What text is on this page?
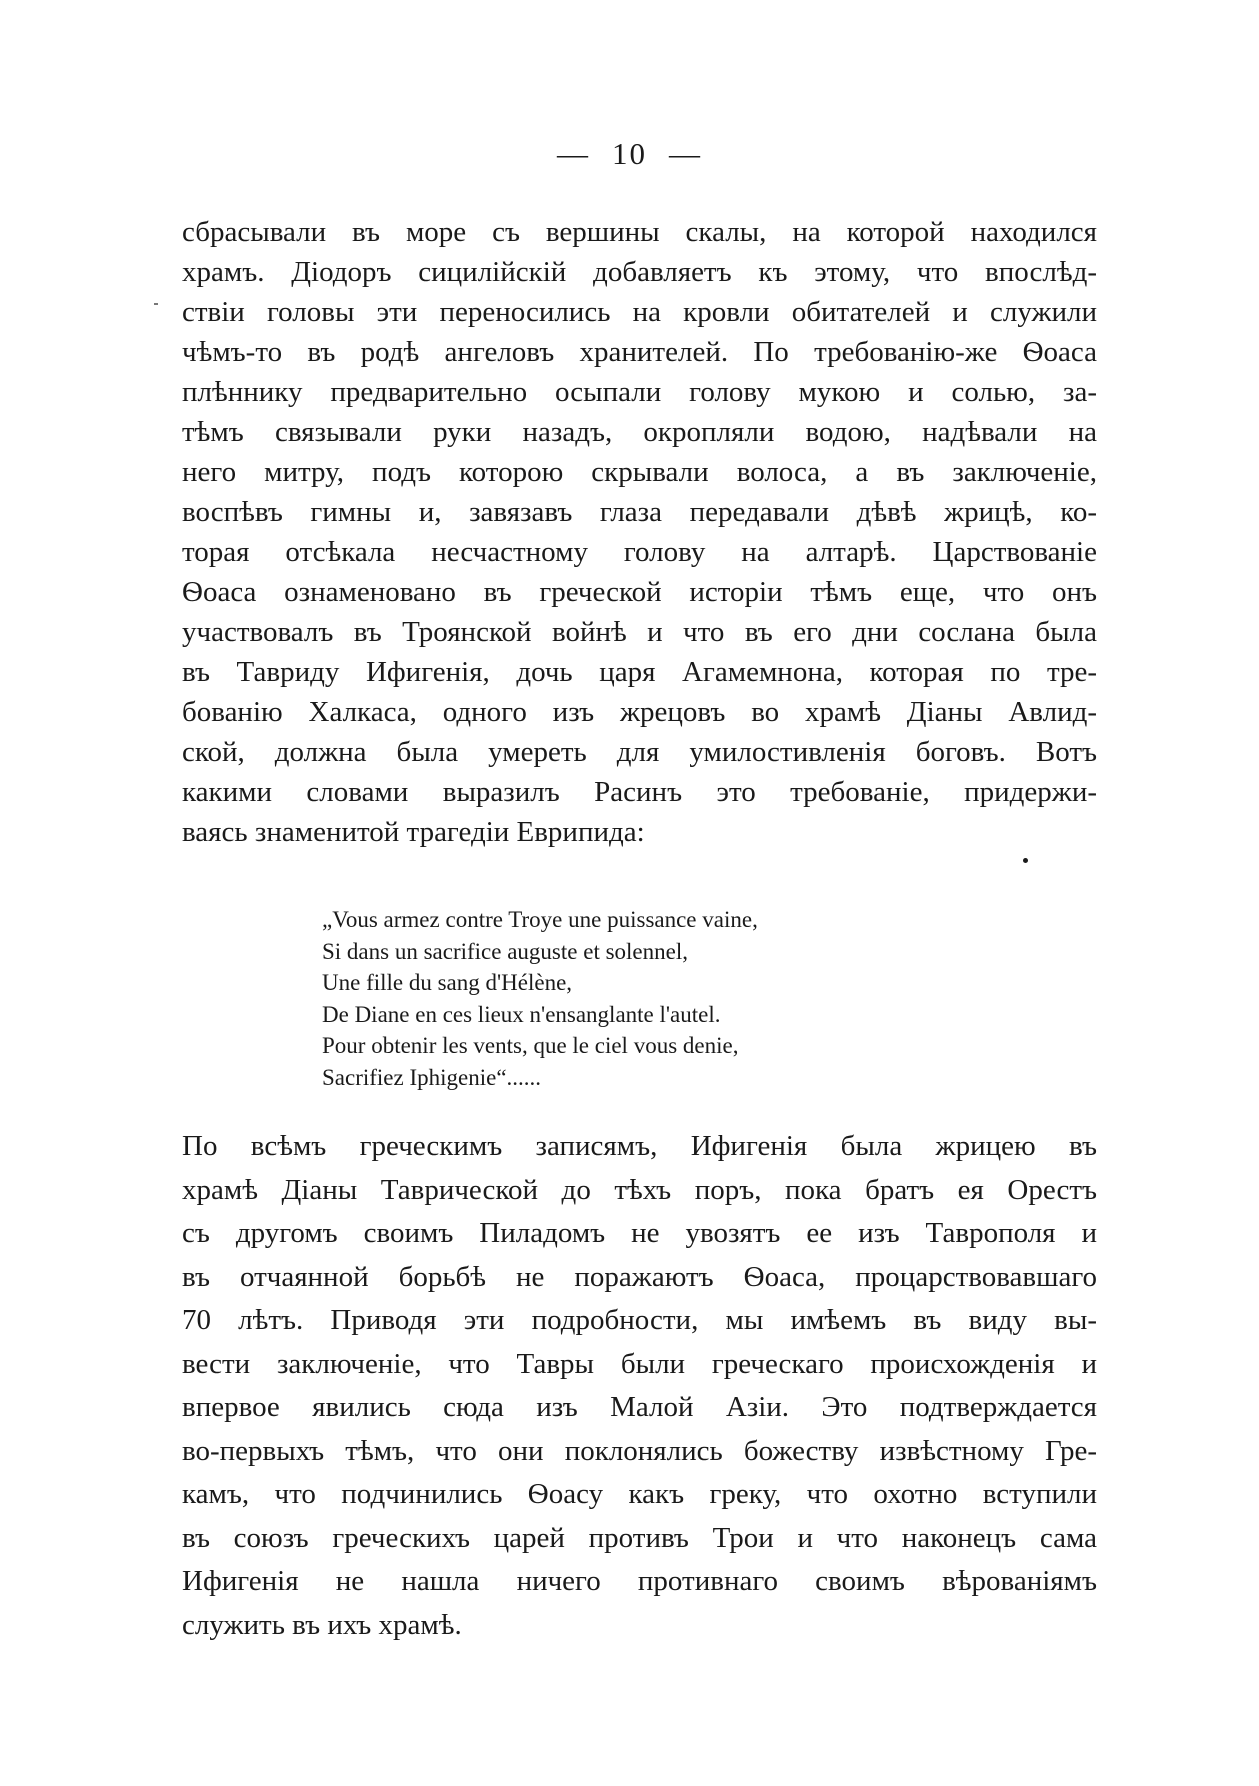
— 10 —
сбрасывали въ море съ вершины скалы, на которой находился
храмъ. Діодоръ сицилійскій добавляетъ къ этому, что впослѣд-
ствіи головы эти переносились на кровли обитателей и служили
чѣмъ-то въ родѣ ангеловъ хранителей. По требованію-же Ѳоаса
плѣннику предварительно осыпали голову мукою и солью, за-
тѣмъ связывали руки назадъ, окропляли водою, надѣвали на
него митру, подъ которою скрывали волоса, а въ заключеніе,
воспѣвъ гимны и, завязавъ глаза передавали дѣвѣ жрицѣ, ко-
торая отсѣкала несчастному голову на алтарѣ. Царствованіе
Ѳоаса ознаменовано въ греческой исторіи тѣмъ еще, что онъ
участвовалъ въ Троянской войнѣ и что въ его дни сослана была
въ Тавриду Ифигенія, дочь царя Агамемнона, которая по тре-
бованію Халкаса, одного изъ жрецовъ во храмѣ Діаны Авлид-
ской, должна была умереть для умилостивленія боговъ. Вотъ
какими словами выразилъ Расинъ это требованіе, придержи-
ваясь знаменитой трагедіи Еврипида:
„Vous armez contre Troye une puissance vaine,
Si dans un sacrifice auguste et solennel,
Une fille du sang d'Hélène,
De Diane en ces lieux n'ensanglante l'autel.
Pour obtenir les vents, que le ciel vous denie,
Sacrifiez Iphigenie“......
По всѣмъ греческимъ записямъ, Ифигенія была жрицею въ
храмѣ Діаны Таврической до тѣхъ поръ, пока братъ ея Орестъ
съ другомъ своимъ Пиладомъ не увозятъ ее изъ Таврополя и
въ отчаянной борьбѣ не поражаютъ Ѳоаса, процарствовавшаго
70 лѣтъ. Приводя эти подробности, мы имѣемъ въ виду вы-
вести заключеніе, что Тавры были греческаго происхожденія и
впервое явились сюда изъ Малой Азіи. Это подтверждается
во-первыхъ тѣмъ, что они поклонялись божеству извѣстному Гре-
камъ, что подчинились Ѳоасу какъ греку, что охотно вступили
въ союзъ греческихъ царей противъ Трои и что наконецъ сама
Ифигенія не нашла ничего противнаго своимъ вѣрованіямъ
служить въ ихъ храмѣ.
